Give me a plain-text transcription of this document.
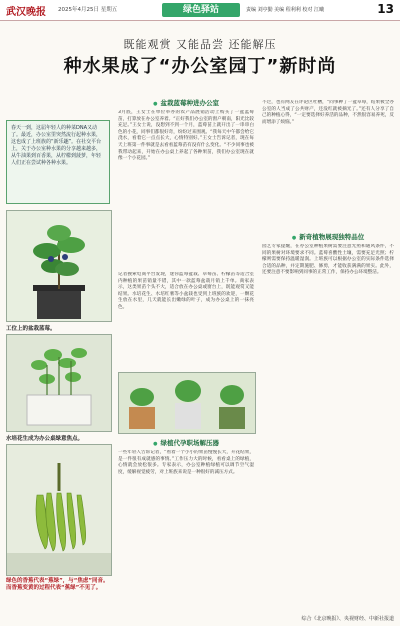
武汉晚报 2025年4月25日 星期五	绿色驿站	责编 刘亭勤 美编 程利利 校对 江曦	13
既能观赏 又能品尝 还能解压
种水果成了“办公室园丁”新时尚
春天一到，这届年轻人的种菜DNA又动了。最近，办公室里突然流行起种水果，这也成了上班族的“新乐趣”。在社交平台上，关于办公室种水果的分享越来越多，从牛油果到百香果，从柠檬到菠萝，年轻人们正在尝试种各种水果。
工位上的盆栽蓝莓。
水培花生成为办公桌绿意焦点。
绿色的香蕉代表“蕉绿”，与“焦虑”同音。而香蕉变黄的过程代表“蕉绿”不见了。
● 盆栽蓝莓种进办公室
3月底，王女士在单位举办的农产品展销活动上购买了一盆蓝莓苗，打算放在办公室养着。“正好我们办公室的窗户朝南，阳光比较充足。”王女士说，没想到不到一个月，蓝莓苗上就开出了一串串白色的小花，同事们都很好奇，纷纷过来围观。“我每天中午都会给它浇水，看着它一点点长大，心情特别好。”王女士告诉记者，现在每天上班第一件事就是去看看蓝莓苗有没有什么变化。“不少同事也被我带动起来，开始在办公桌上养起了各种果苗，我们办公室现在就像一个小花园。”
记者搜索电商平台发现，迷你蓝莓盆栽、草莓苗、柠檬苗等适合室内种植的果苗销量不错，其中一款蓝莓盆栽月销上千单。商家表示，这类果苗个头不大，适合放在办公桌或窗台上，既能观赏又能结果。水培花生、水培红薯等小盆栽也受到上班族的欢迎，一颗花生放在水里，几天就能长出嫩绿的叶子，成为办公桌上的一抹亮色。
● 绿植代孕职场解压器
一些年轻人告诉记者，“看着一个小小的果苗慢慢长大，开花结果，是一件很有成就感的事情。”工作压力大的时候，看看桌上的绿植，心情就会放松很多。专家表示，办公室种植绿植可以调节空气湿度，缓解视觉疲劳，对上班族来说是一种很好的减压方式。
不过，也有网友在评论区吐槽，“同事种了一盆草莓，结果被全办公室的人当成了公共财产，还没红就被摘光了。”还有人分享了自己的种植心得，“一定要选择好养活的品种，不然很容易养死，反而增添了烦恼。”
● 新奇植物展现独特品位
园艺专家提醒，在办公室种植果树需要注意光照和通风条件，不同的果树对环境要求不同。蓝莓喜酸性土壤，需要充足光照；柠檬则需要保持温暖湿润。上班族可以根据办公室的实际条件选择合适的品种，并定期施肥、修剪，才能收获满满的果实。此外，还要注意不要影响到同事的正常工作，保持办公环境整洁。
综合《北京晚报》、央视财经、中新社报道
